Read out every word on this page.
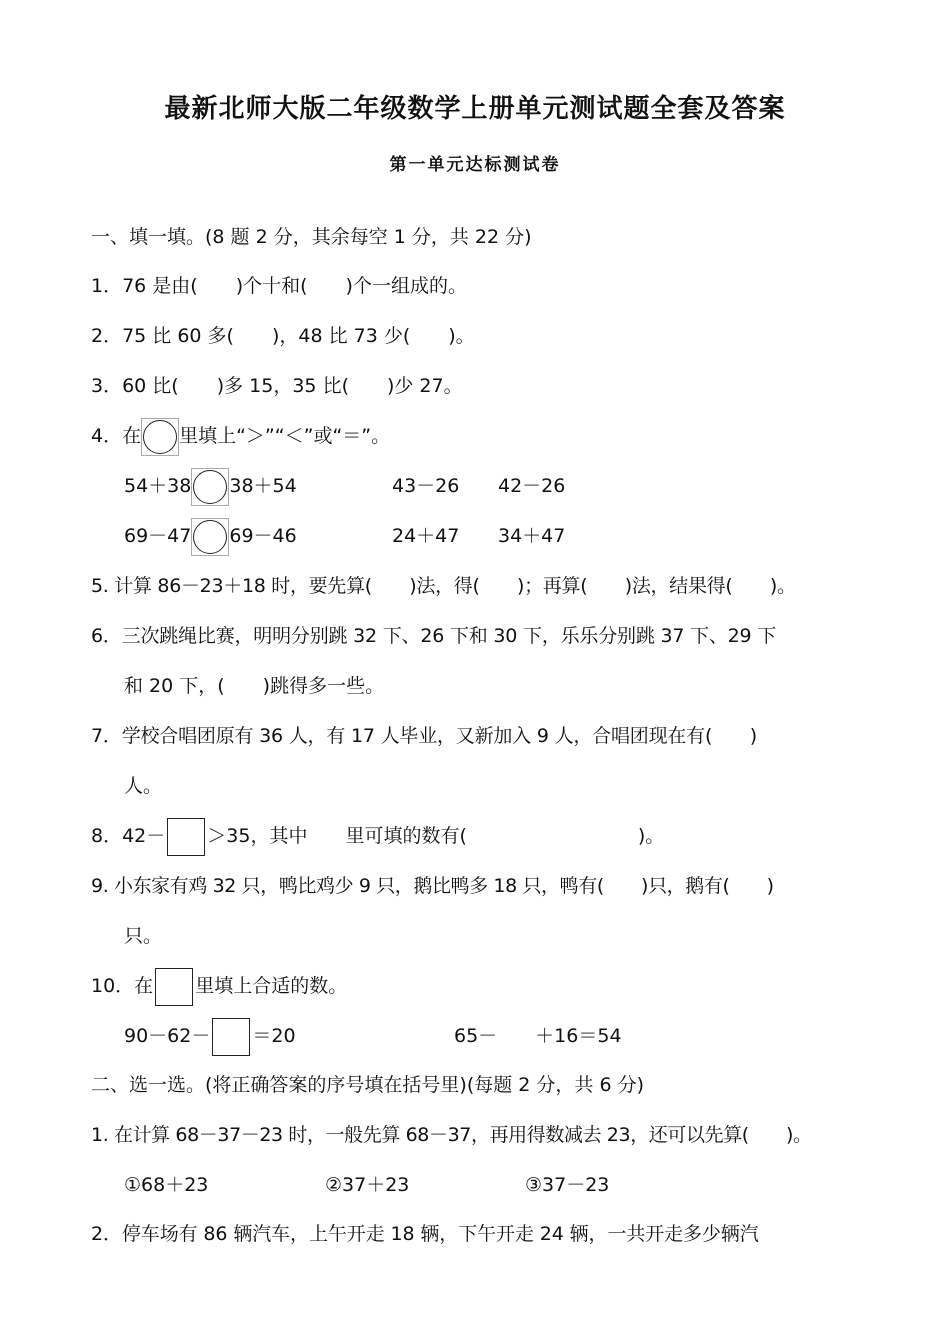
最新北师大版二年级数学上册单元测试题全套及答案
第一单元达标测试卷
一、填一填。(8 题 2 分，其余每空 1 分，共 22 分)
1．76 是由(　　)个十和(　　)个一组成的。
2．75 比 60 多(　　)，48 比 73 少(　　)。
3．60 比(　　)多 15，35 比(　　)少 27。
4．在 里填上“＞”“＜”或“＝”。
54＋38 38＋54	43－26 42－26
69－47 69－46	24＋47 34＋47
5. 计算 86－23＋18 时，要先算(　　)法，得(　　)；再算(　　)法，结果得(　　)。
6．三次跳绳比赛，明明分别跳 32 下、26 下和 30 下，乐乐分别跳 37 下、29 下
和 20 下，(　　)跳得多一些。
7．学校合唱团原有 36 人，有 17 人毕业，又新加入 9 人，合唱团现在有(　　)
人。
8．42－ ＞35，其中　　里可填的数有(　　　　　　　　　)。
9. 小东家有鸡 32 只，鸭比鸡少 9 只，鹅比鸭多 18 只，鸭有(　　)只，鹅有(　　)
只。
10．在 里填上合适的数。
90－62－ ＝20	65－　　＋16＝54
二、选一选。(将正确答案的序号填在括号里)(每题 2 分，共 6 分)
1. 在计算 68－37－23 时，一般先算 68－37，再用得数减去 23，还可以先算(　　)。
①68＋23	②37＋23	③37－23
2．停车场有 86 辆汽车，上午开走 18 辆，下午开走 24 辆，一共开走多少辆汽
